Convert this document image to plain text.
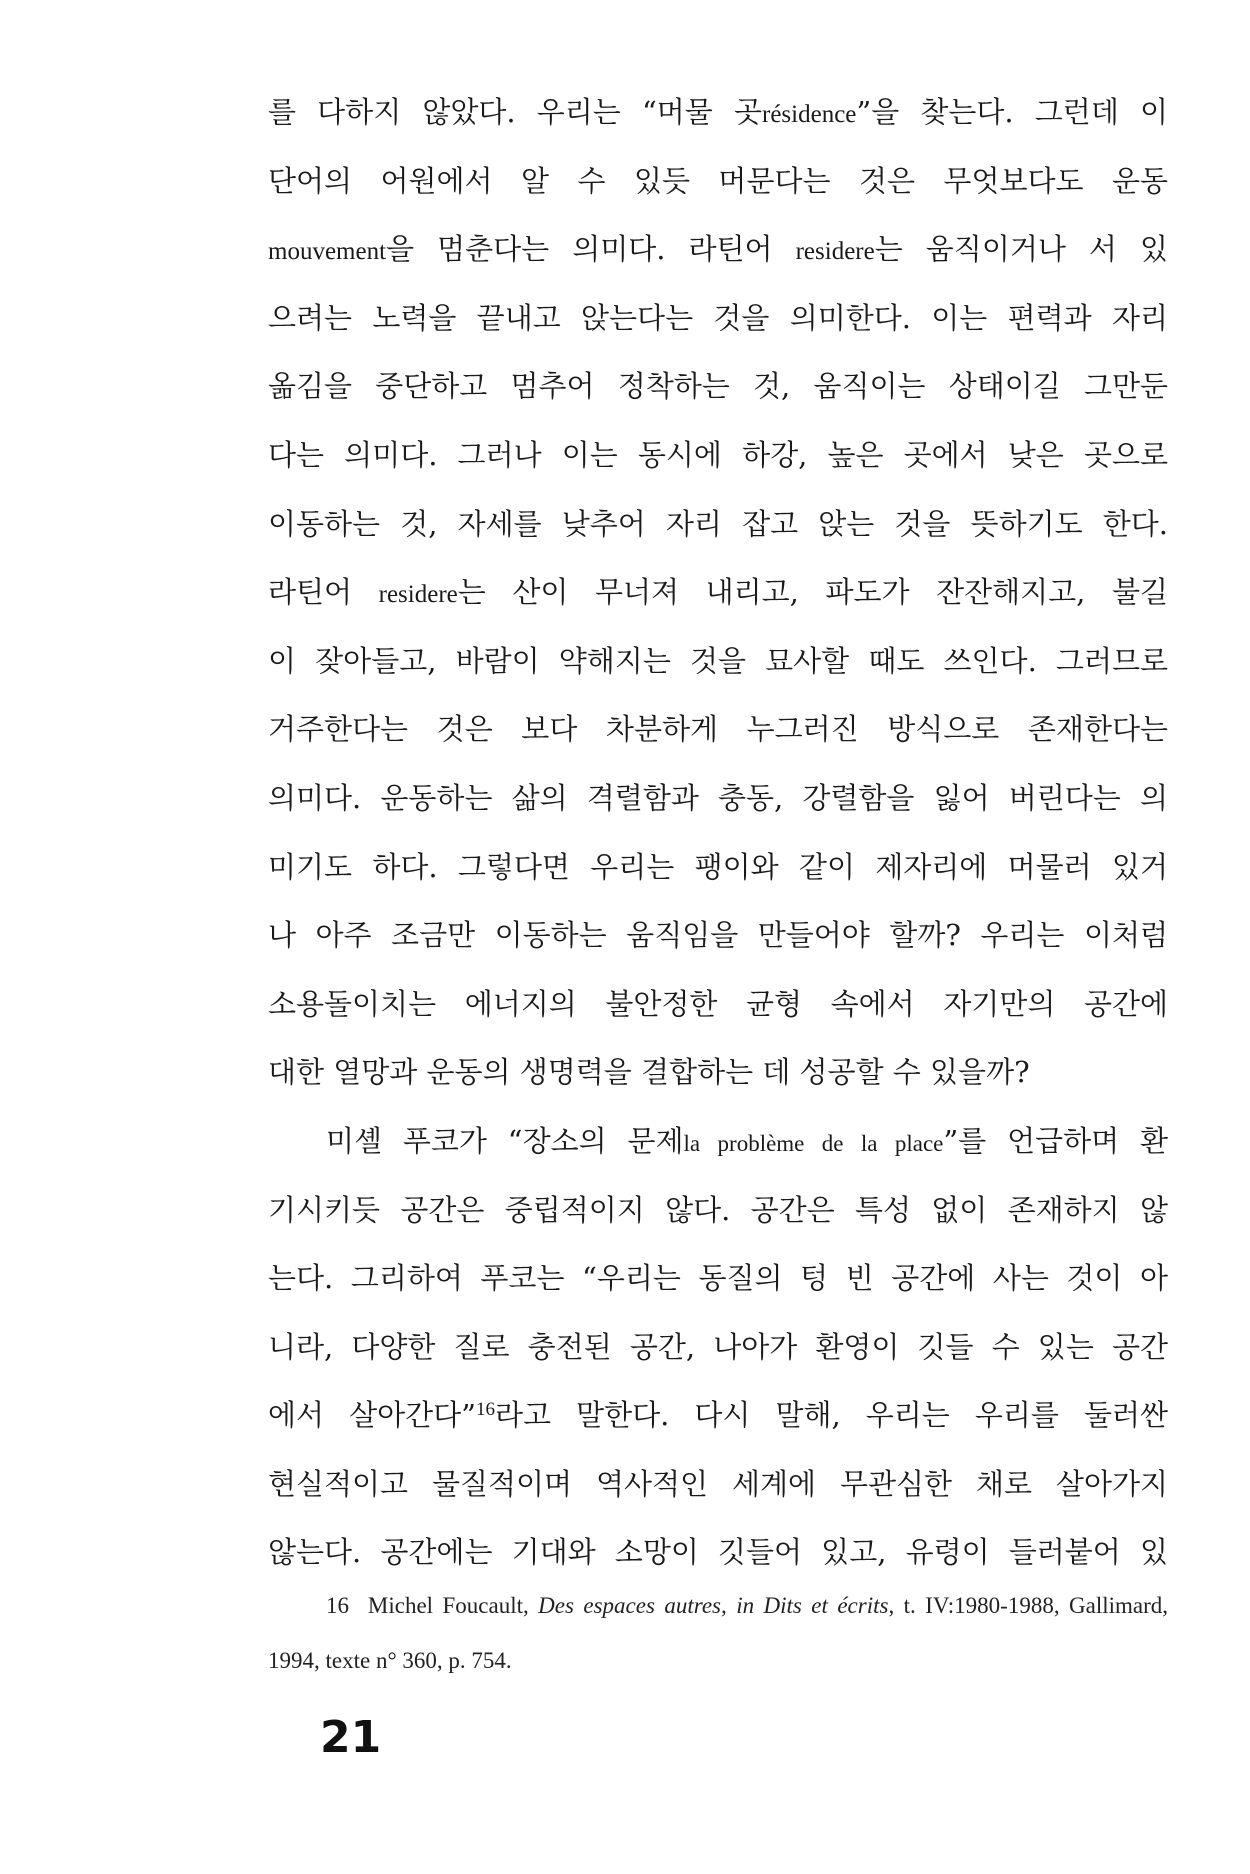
를 다하지 않았다. 우리는 “머물 곳résidence”을 찾는다. 그런데 이
단어의 어원에서 알 수 있듯 머문다는 것은 무엇보다도 운동
mouvement을 멈춘다는 의미다. 라틴어 residere는 움직이거나 서 있
으려는 노력을 끝내고 앉는다는 것을 의미한다. 이는 편력과 자리
옮김을 중단하고 멈추어 정착하는 것, 움직이는 상태이길 그만둔
다는 의미다. 그러나 이는 동시에 하강, 높은 곳에서 낮은 곳으로
이동하는 것, 자세를 낮추어 자리 잡고 앉는 것을 뜻하기도 한다.
라틴어 residere는 산이 무너져 내리고, 파도가 잔잔해지고, 불길
이 잦아들고, 바람이 약해지는 것을 묘사할 때도 쓰인다. 그러므로
거주한다는 것은 보다 차분하게 누그러진 방식으로 존재한다는
의미다. 운동하는 삶의 격렬함과 충동, 강렬함을 잃어 버린다는 의
미기도 하다. 그렇다면 우리는 팽이와 같이 제자리에 머물러 있거
나 아주 조금만 이동하는 움직임을 만들어야 할까? 우리는 이처럼
소용돌이치는 에너지의 불안정한 균형 속에서 자기만의 공간에
대한 열망과 운동의 생명력을 결합하는 데 성공할 수 있을까?
미셸 푸코가 “장소의 문제la problème de la place”를 언급하며 환
기시키듯 공간은 중립적이지 않다. 공간은 특성 없이 존재하지 않
는다. 그리하여 푸코는 “우리는 동질의 텅 빈 공간에 사는 것이 아
니라, 다양한 질로 충전된 공간, 나아가 환영이 깃들 수 있는 공간
에서 살아간다”$^{16}$라고 말한다. 다시 말해, 우리는 우리를 둘러싼
현실적이고 물질적이며 역사적인 세계에 무관심한 채로 살아가지
않는다. 공간에는 기대와 소망이 깃들어 있고, 유령이 들러붙어 있
16 Michel Foucault, Des espaces autres, in Dits et écrits, t. IV:1980-1988, Gallimard,
1994, texte n° 360, p. 754.
21
